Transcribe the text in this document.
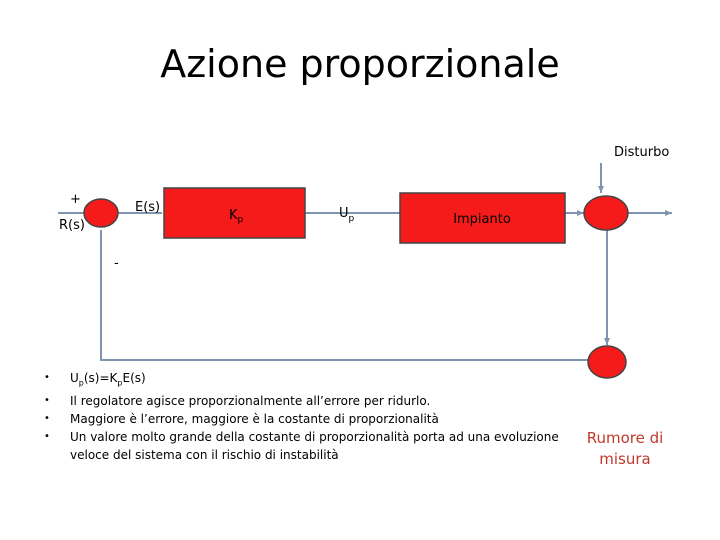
Azione proporzionale
+
-
R(s)
E(s)
$K_p$	$U_p$	Impianto
Disturbo
• $U_p(s)=K_pE(s)$
• Il regolatore agisce proporzionalmente all’errore per ridurlo.
• Maggiore è l’errore, maggiore è la costante di proporzionalità
• Un valore molto grande della costante di proporzionalità porta ad una evoluzione veloce del sistema con il rischio di instabilità
Rumore di
misura
